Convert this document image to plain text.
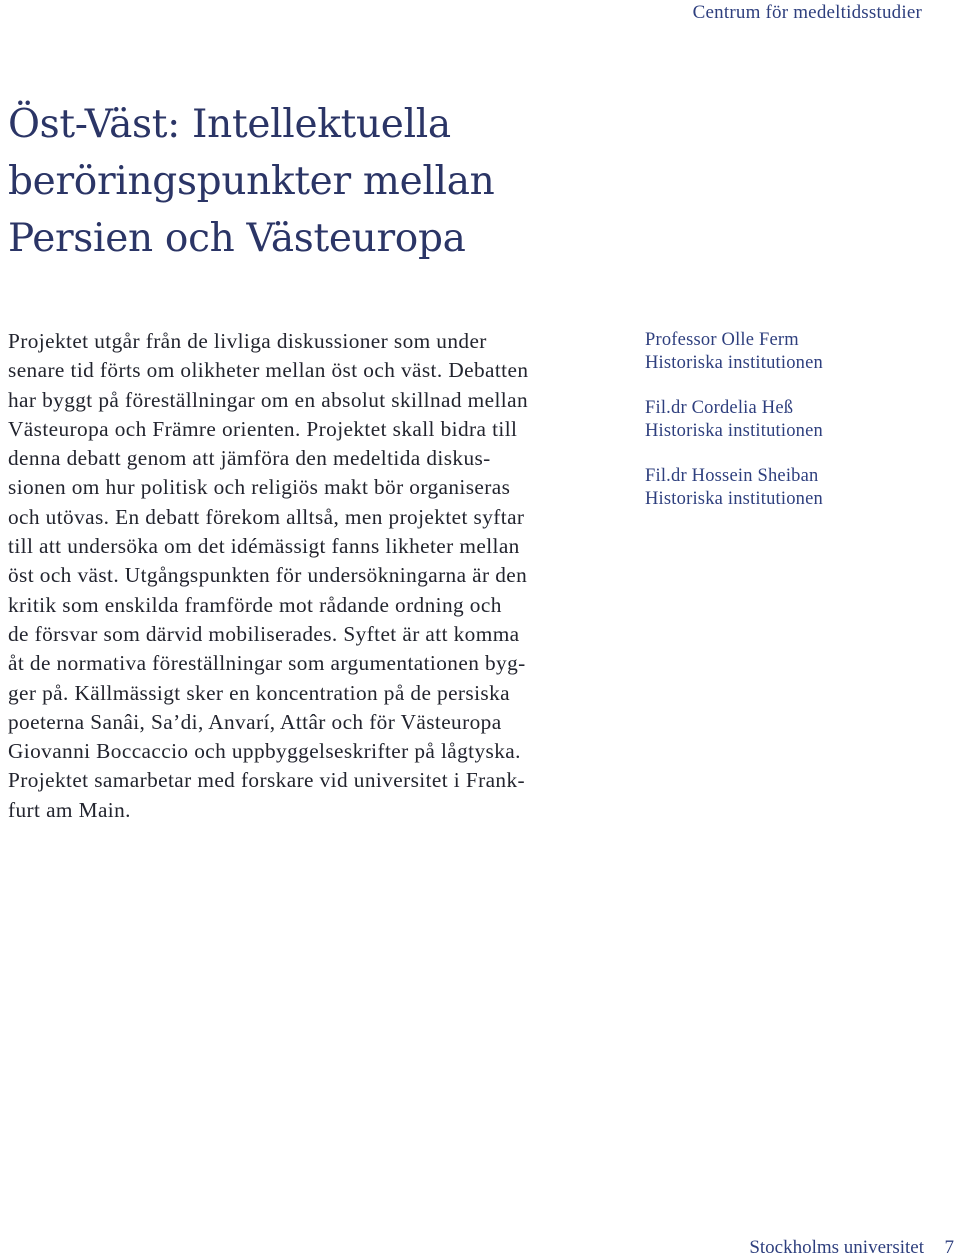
Centrum för medeltidsstudier
Öst-Väst: Intellektuella
beröringspunkter mellan
Persien och Västeuropa
Projektet utgår från de livliga diskussioner som under
senare tid förts om olikheter mellan öst och väst. Debatten
har byggt på föreställningar om en absolut skillnad mellan
Västeuropa och Främre orienten. Projektet skall bidra till
denna debatt genom att jämföra den medeltida diskus-
sionen om hur politisk och religiös makt bör organiseras
och utövas. En debatt förekom alltså, men projektet syftar
till att undersöka om det idémässigt fanns likheter mellan
öst och väst. Utgångspunkten för undersökningarna är den
kritik som enskilda framförde mot rådande ordning och
de försvar som därvid mobiliserades. Syftet är att komma
åt de normativa föreställningar som argumentationen byg-
ger på. Källmässigt sker en koncentration på de persiska
poeterna Sanâi, Sa’di, Anvarí, Attâr och för Västeuropa
Giovanni Boccaccio och uppbyggelseskrifter på lågtyska.
Projektet samarbetar med forskare vid universitet i Frank-
furt am Main.
Professor Olle Ferm
Historiska institutionen
Fil.dr Cordelia Heß
Historiska institutionen
Fil.dr Hossein Sheiban
Historiska institutionen
Stockholms universitet 7
